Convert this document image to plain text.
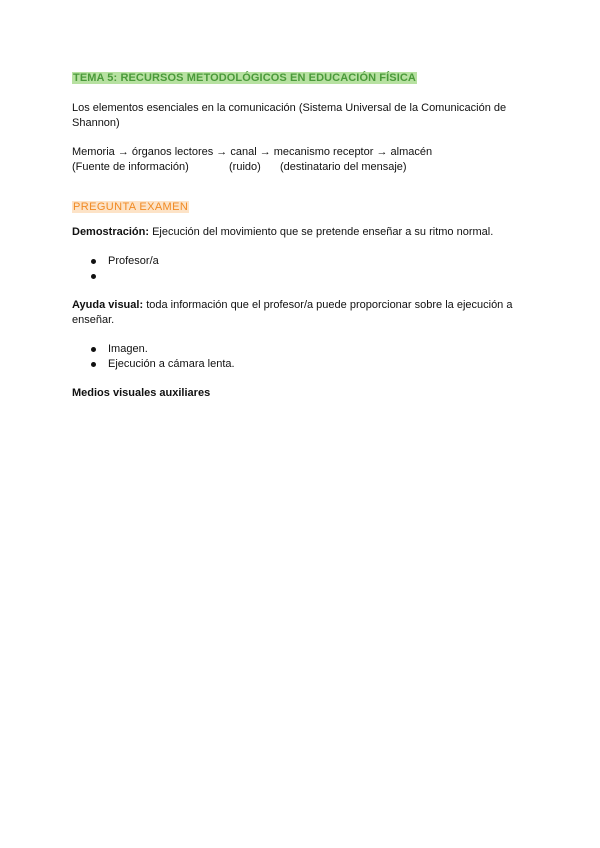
TEMA 5: RECURSOS METODOLÓGICOS EN EDUCACIÓN FÍSICA

Los elementos esenciales en la comunicación (Sistema Universal de la Comunicación de Shannon)

Memoria → órganos lectores → canal → mecanismo receptor → almacén
(Fuente de información)	(ruido) (destinatario del mensaje)
PREGUNTA EXAMEN

Demostración: Ejecución del movimiento que se pretende enseñar a su ritmo normal.

Profesor/a

Ayuda visual: toda información que el profesor/a puede proporcionar sobre la ejecución a enseñar.

Imagen.
Ejecución a cámara lenta.

Medios visuales auxiliares
